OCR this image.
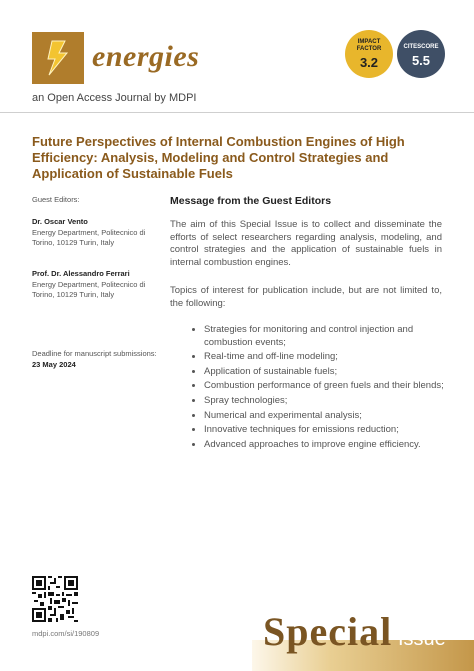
energies	IMPACT
FACTOR
3.2
CITESCORE
5.5
an Open Access Journal by MDPI
Future Perspectives of Internal Combustion Engines of High Efficiency: Analysis, Modeling and Control Strategies and Application of Sustainable Fuels
Guest Editors:
Dr. Oscar Vento
Energy Department, Politecnico di Torino, 10129 Turin, Italy
Prof. Dr. Alessandro Ferrari
Energy Department, Politecnico di Torino, 10129 Turin, Italy
Deadline for manuscript submissions:
23 May 2024
Message from the Guest Editors
The aim of this Special Issue is to collect and disseminate the efforts of select researchers regarding analysis, modeling, and control strategies and the application of sustainable fuels in internal combustion engines.
Topics of interest for publication include, but are not limited to, the following:
• Strategies for monitoring and control injection and combustion events;
• Real-time and off-line modeling;
• Application of sustainable fuels;
• Combustion performance of green fuels and their blends;
• Spray technologies;
• Numerical and experimental analysis;
• Innovative techniques for emissions reduction;
• Advanced approaches to improve engine efficiency.
mdpi.com/si/190809	Special Issue
